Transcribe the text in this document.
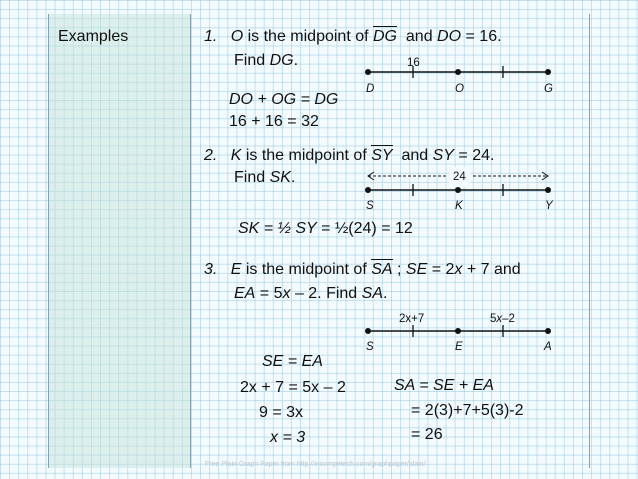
Examples	1. O is the midpoint of DG and DO = 16.
Find DG.	16
D	O	G
DO + OG = DG
16 + 16 = 32
2. K is the midpoint of SY and SY = 24.
Find SK.	24
S	K	Y
SK = ½ SY = ½(24) = 12
3. E is the midpoint of SA ; SE = 2x + 7 and
EA = 5x – 2. Find SA.
2x+7	5x–2
S	E	A
SE = EA
2x + 7 = 5x – 2
9 = 3x
x = 3
SA = SE + EA
= 2(3)+7+5(3)-2
= 26
Free Plain Graph Paper from http://incompetech.com/graphpaper/plain/
